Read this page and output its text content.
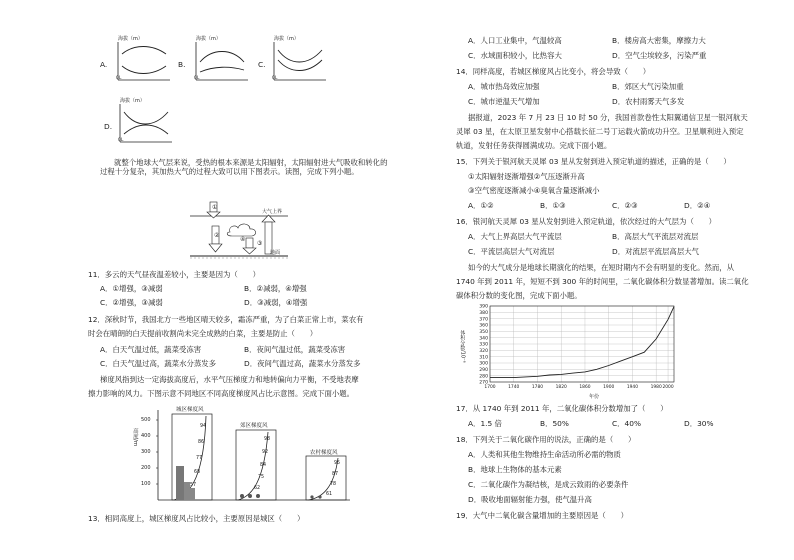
A.	B.	C.
D.
海拔（m）	海拔（m）	海拔（m）
海拔（m）
0L	0L	0L
0L
就整个地球大气层来说，受热的根本来源是太阳辐射，太阳辐射进大气吸收和转化的过程十分复杂，其加热大气的过程大致可以用下图表示。读图，完成下列小题。
①
②
③
④
大气上界
地面
11．多云的天气昼夜温差较小，主要是因为（　　）
A．①增强，③减弱	B．②减弱，④增强
C．②增强，③减弱	D．③减弱，④增强
12．深秋时节，我国北方一些地区晴天较多，霜冻严重，为了白菜正常上市，菜农有
时会在晴朗的白天提前收割尚未完全成熟的白菜，主要是防止（　　）
A．白天气温过低，蔬菜受冻害	B．夜间气温过低，蔬菜受冻害
C．白天气温过高，蔬菜水分蒸发多	D．夜间气温过高，蔬菜水分蒸发多
梯度风指到达一定海拔高度后，水平气压梯度力和地转偏向力平衡，不受地表摩
擦力影响的风力。下图示意不同地区不同高度梯度风占比示意图。完成下面小题。
高度/m
500
400
300
200
100
城区梯度风
郊区梯度风
农村梯度风
94
86
77
68
57
98
92
84
75
62
95
87
78
61
13．相同高度上，城区梯度风占比较小，主要原因是城区（　　）
A．人口工业集中，气温较高	B．楼房高大密集，摩擦力大
C．水域面积较小，比热容大	D．空气尘埃较多，污染严重
14．同样高度，若城区梯度风占比变小，将会导致（　　）
A．城市热岛效应加强	B．郊区大气污染加重
C．城市逆温天气增加	D．农村雨雾天气多发
据报道，2023 年 7 月 23 日 10 时 50 分，我国首款卷性太阳翼通信卫星一银河航天
灵犀 03 星，在太原卫星发射中心搭载长征二号丁运载火箭成功升空。卫星顺利进入预定
轨道，发射任务获得圆满成功。完成下面小题。
15．下列关于银河航天灵犀 03 星从发射到进入预定轨道的描述，正确的是（　　）
①太阳辐射逐渐增强②气压逐渐升高
③空气密度逐渐减小④臭氧含量逐渐减小
A．①②	B．①③	C．②③	D．②④
16．银河航天灵犀 03 星从发射到进入预定轨道，依次经过的大气层为（　　）
A．大气上界高层大气平流层	B．高层大气平流层对流层
C．平流层高层大气对流层	D．对流层平流层高层大气
如今的大气成分是地球长期演化的结果，在短时期内不会有明显的变化。然而，从
1740 年到 2011 年，短短不到 300 年的时间里，二氧化碳体积分数显著增加。读二氧化
碳体积分数的变化图，完成下面小题。
390
380
370
360
350
340
330
320
310
300
290
280
270
1700	1740	1780	1820	1860	1900	1940	1980 2000
体积分数/10⁻⁶
年份
17．从 1740 年到 2011 年，二氧化碳体积分数增加了（　　）
A．1.5 倍	B．50%	C．40%	D．30%
18．下列关于二氧化碳作用的说法，正确的是（　　）
A．人类和其他生物维持生命活动所必需的物质
B．地球上生物体的基本元素
C．二氧化碳作为凝结核，是成云致雨的必要条件
D．吸收地面辐射能力强，使气温升高
19．大气中二氧化碳含量增加的主要原因是（　　）
